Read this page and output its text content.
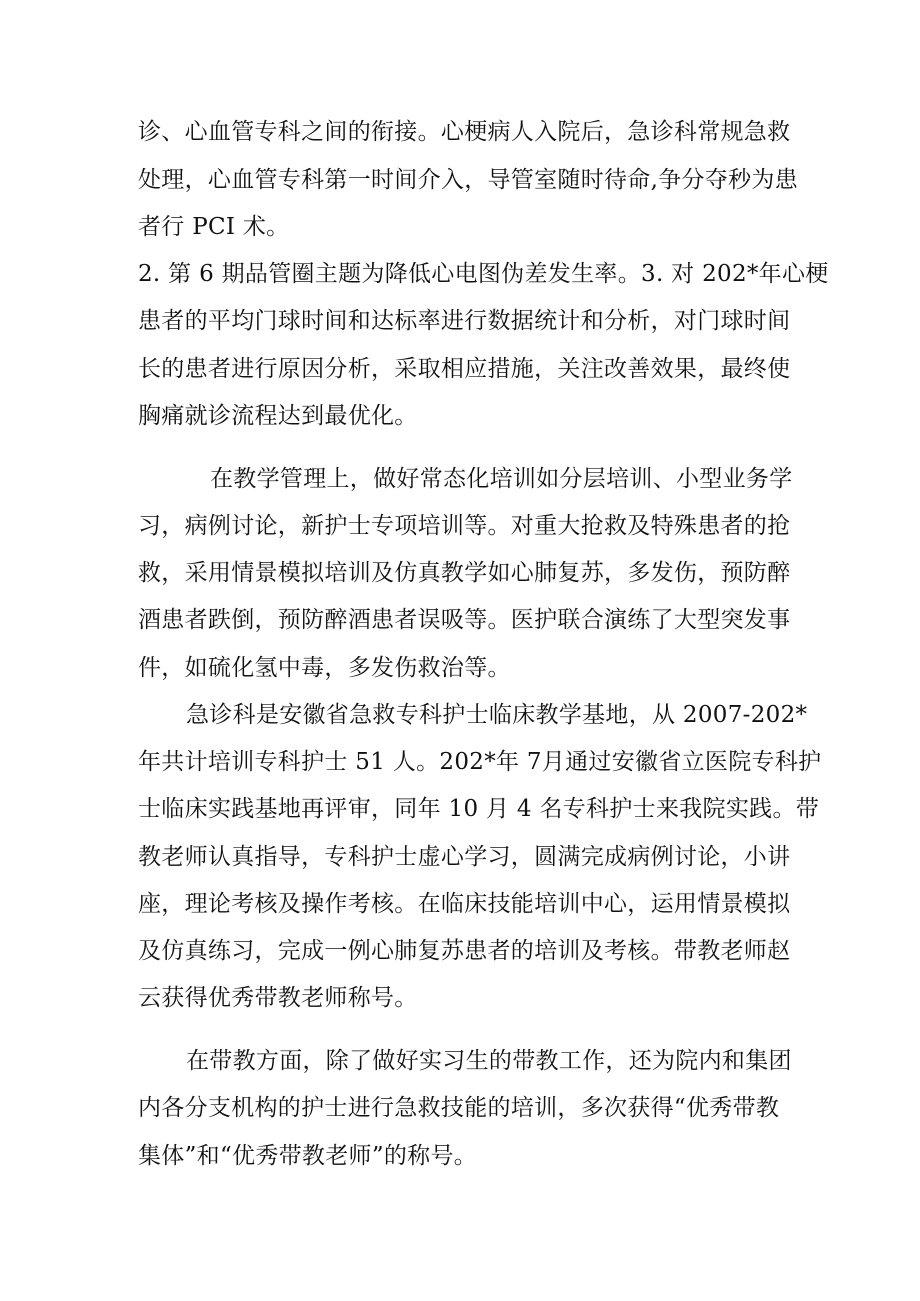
诊、心血管专科之间的衔接。心梗病人入院后，急诊科常规急救

处理，心血管专科第一时间介入，导管室随时待命,争分夺秒为患

者行 PCI 术。

2. 第 6 期品管圈主题为降低心电图伪差发生率。3. 对 202*年心梗

患者的平均门球时间和达标率进行数据统计和分析，对门球时间

长的患者进行原因分析，采取相应措施，关注改善效果，最终使

胸痛就诊流程达到最优化。

在教学管理上，做好常态化培训如分层培训、小型业务学

习，病例讨论，新护士专项培训等。对重大抢救及特殊患者的抢

救，采用情景模拟培训及仿真教学如心肺复苏，多发伤，预防醉

酒患者跌倒，预防醉酒患者误吸等。医护联合演练了大型突发事

件，如硫化氢中毒，多发伤救治等。

急诊科是安徽省急救专科护士临床教学基地，从 2007-202*

年共计培训专科护士 51 人。202*年 7月通过安徽省立医院专科护

士临床实践基地再评审，同年 10 月 4 名专科护士来我院实践。带

教老师认真指导，专科护士虚心学习，圆满完成病例讨论，小讲

座，理论考核及操作考核。在临床技能培训中心，运用情景模拟

及仿真练习，完成一例心肺复苏患者的培训及考核。带教老师赵

云获得优秀带教老师称号。

在带教方面，除了做好实习生的带教工作，还为院内和集团

内各分支机构的护士进行急救技能的培训，多次获得“优秀带教

集体”和“优秀带教老师”的称号。
